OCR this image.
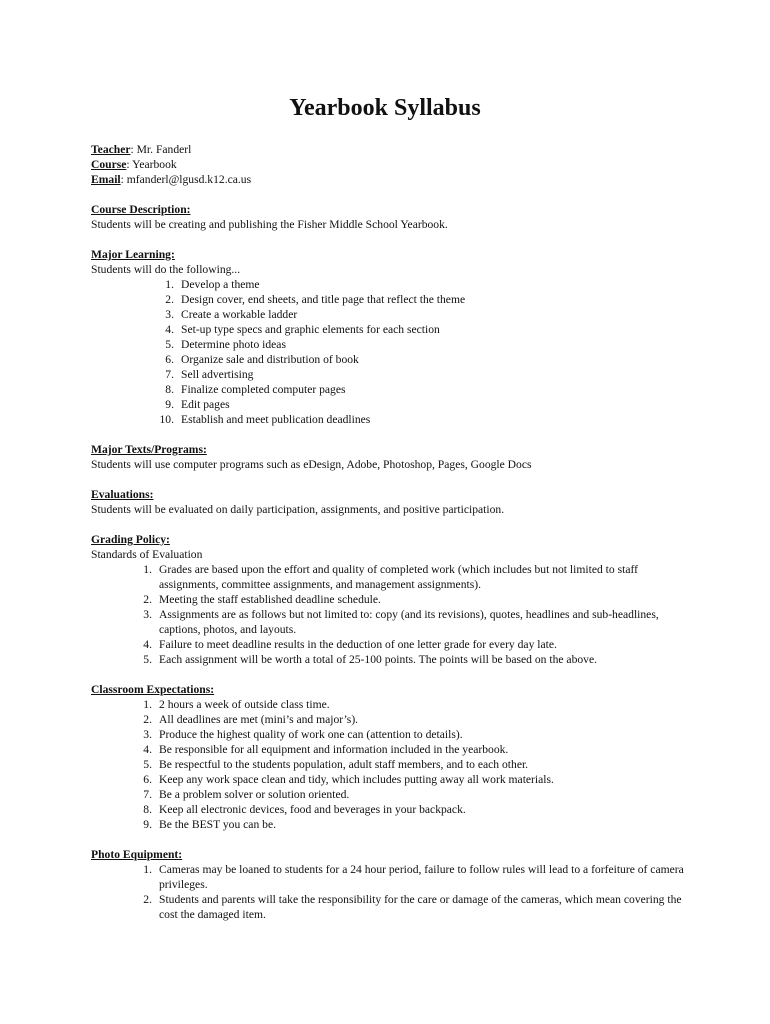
Yearbook Syllabus

Teacher: Mr. Fanderl

Course: Yearbook

Email: mfanderl@lgusd.k12.ca.us

Course Description:

Students will be creating and publishing the Fisher Middle School Yearbook.

Major Learning:

Students will do the following...

1. Develop a theme
2. Design cover, end sheets, and title page that reflect the theme
3. Create a workable ladder
4. Set-up type specs and graphic elements for each section
5. Determine photo ideas
6. Organize sale and distribution of book
7. Sell advertising
8. Finalize completed computer pages
9. Edit pages
10. Establish and meet publication deadlines

Major Texts/Programs:

Students will use computer programs such as eDesign, Adobe, Photoshop, Pages, Google Docs

Evaluations:

Students will be evaluated on daily participation, assignments, and positive participation.

Grading Policy:

Standards of Evaluation

1. Grades are based upon the effort and quality of completed work (which includes but not limited to staff assignments, committee assignments, and management assignments).
2. Meeting the staff established deadline schedule.
3. Assignments are as follows but not limited to: copy (and its revisions), quotes, headlines and sub-headlines, captions, photos, and layouts.
4. Failure to meet deadline results in the deduction of one letter grade for every day late.
5. Each assignment will be worth a total of 25-100 points. The points will be based on the above.

Classroom Expectations:

1. 2 hours a week of outside class time.
2. All deadlines are met (mini’s and major’s).
3. Produce the highest quality of work one can (attention to details).
4. Be responsible for all equipment and information included in the yearbook.
5. Be respectful to the students population, adult staff members, and to each other.
6. Keep any work space clean and tidy, which includes putting away all work materials.
7. Be a problem solver or solution oriented.
8. Keep all electronic devices, food and beverages in your backpack.
9. Be the BEST you can be.

Photo Equipment:

1. Cameras may be loaned to students for a 24 hour period, failure to follow rules will lead to a forfeiture of camera privileges.
2. Students and parents will take the responsibility for the care or damage of the cameras, which mean covering the cost the damaged item.
